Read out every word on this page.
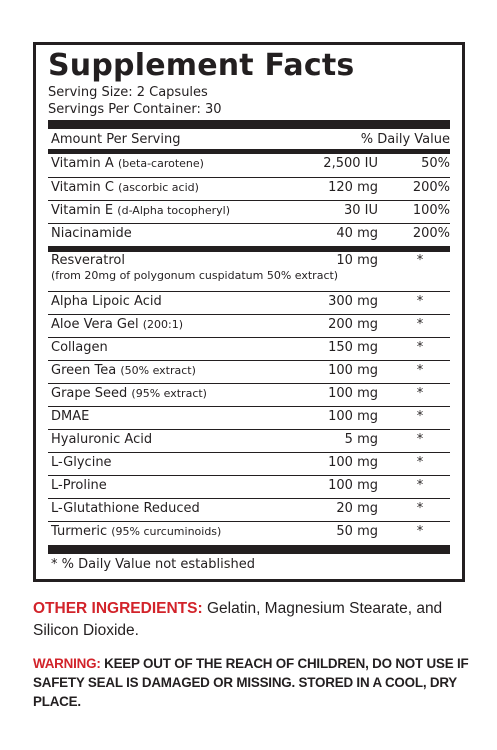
Supplement Facts
Serving Size: 2 Capsules
Servings Per Container: 30
Amount Per Serving	% Daily Value
Vitamin A (beta-carotene)	2,500 IU	50%
Vitamin C (ascorbic acid)	120 mg	200%
Vitamin E (d-Alpha tocopheryl)	30 IU	100%
Niacinamide	40 mg	200%
Resveratrol	10 mg	*
(from 20mg of polygonum cuspidatum 50% extract)
Alpha Lipoic Acid	300 mg	*
Aloe Vera Gel (200:1)	200 mg	*
Collagen	150 mg	*
Green Tea (50% extract)	100 mg	*
Grape Seed (95% extract)	100 mg	*
DMAE	100 mg	*
Hyaluronic Acid	5 mg	*
L-Glycine	100 mg	*
L-Proline	100 mg	*
L-Glutathione Reduced	20 mg	*
Turmeric (95% curcuminoids)	50 mg	*
* % Daily Value not established
OTHER INGREDIENTS: Gelatin, Magnesium Stearate, and Silicon Dioxide.
WARNING: KEEP OUT OF THE REACH OF CHILDREN, DO NOT USE IF SAFETY SEAL IS DAMAGED OR MISSING. STORED IN A COOL, DRY PLACE.
